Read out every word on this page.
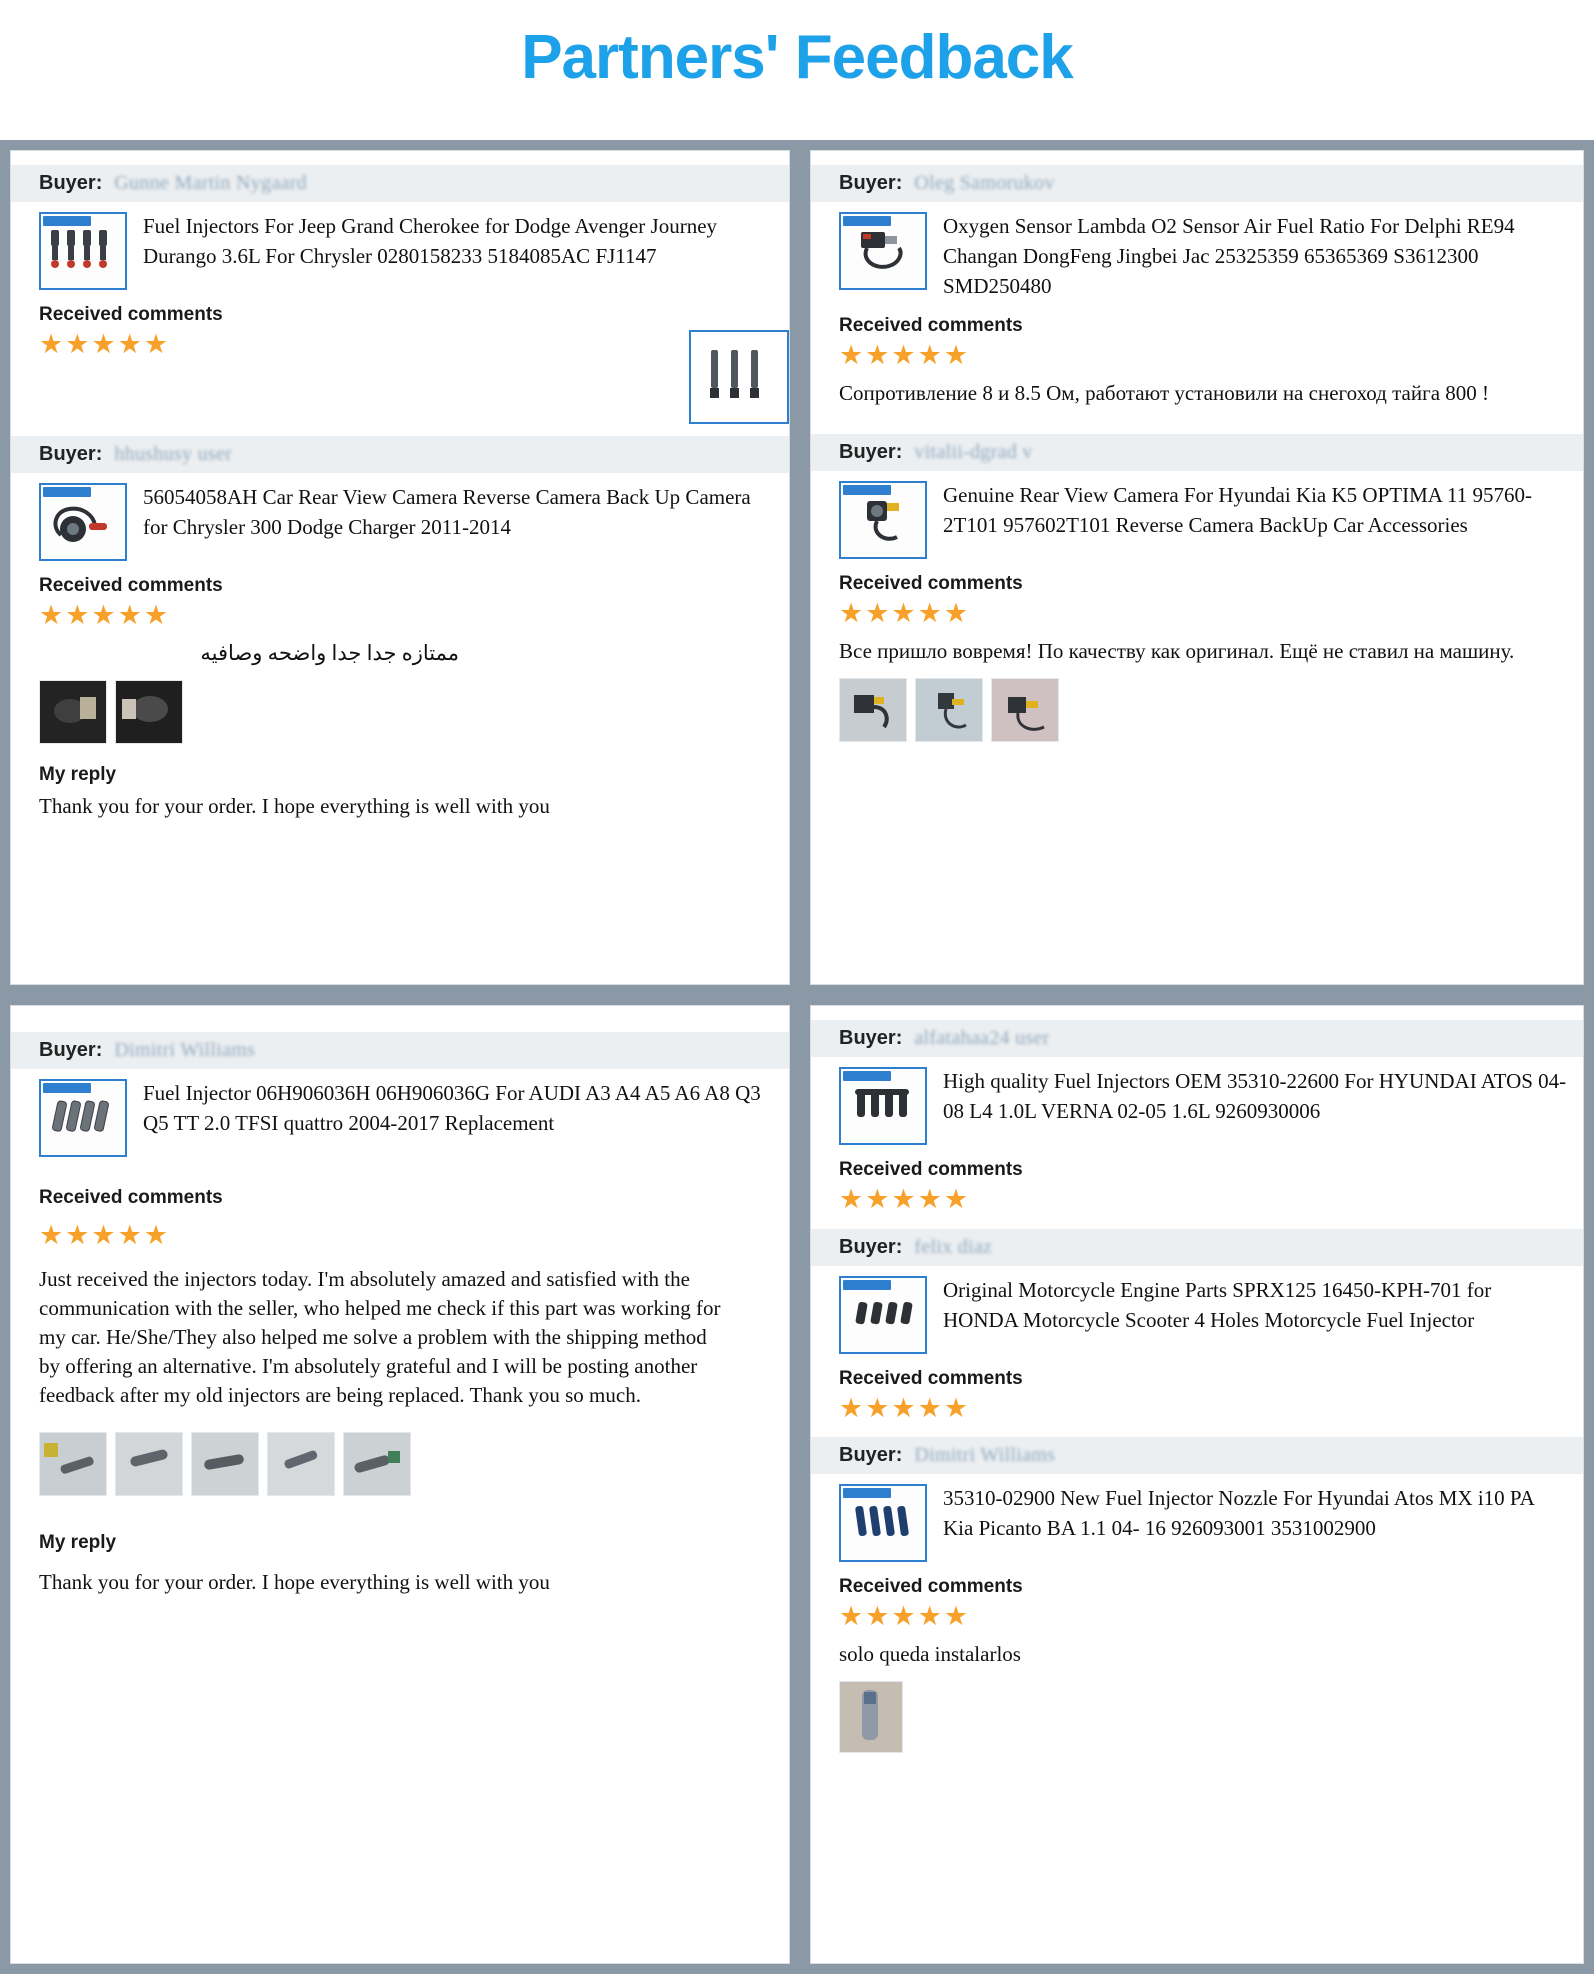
Partners' Feedback
Buyer: Gunne Martin Nygaard
Fuel Injectors For Jeep Grand Cherokee for Dodge Avenger Journey Durango 3.6L For Chrysler 0280158233 5184085AC FJ1147
Received comments
★★★★★
Buyer: hhushusy user
56054058AH Car Rear View Camera Reverse Camera Back Up Camera for Chrysler 300 Dodge Charger 2011-2014
Received comments
★★★★★
ممتازه جدا جدا واضحه وصافيه
My reply
Thank you for your order. I hope everything is well with you
Buyer: Oleg Samorukov
Oxygen Sensor Lambda O2 Sensor Air Fuel Ratio For Delphi RE94 Changan DongFeng Jingbei Jac 25325359 65365369 S3612300 SMD250480
Received comments
★★★★★
Сопротивление 8 и 8.5 Ом, работают установили на снегоход тайга 800 !
Buyer: vitalii-dgrad v
Genuine Rear View Camera For Hyundai Kia K5 OPTIMA 11 95760-2T101 957602T101 Reverse Camera BackUp Car Accessories
Received comments
★★★★★
Все пришло вовремя! По качеству как оригинал. Ещё не ставил на машину.
Buyer: Dimitri Williams
Fuel Injector 06H906036H 06H906036G For AUDI A3 A4 A5 A6 A8 Q3 Q5 TT 2.0 TFSI quattro 2004-2017 Replacement
Received comments
★★★★★
Just received the injectors today. I'm absolutely amazed and satisfied with the communication with the seller, who helped me check if this part was working for my car. He/She/They also helped me solve a problem with the shipping method by offering an alternative. I'm absolutely grateful and I will be posting another feedback after my old injectors are being replaced. Thank you so much.
My reply
Thank you for your order. I hope everything is well with you
Buyer: alfatahaa24 user
High quality Fuel Injectors OEM 35310-22600 For HYUNDAI ATOS 04-08 L4 1.0L VERNA 02-05 1.6L 9260930006
Received comments
★★★★★
Buyer: felix diaz
Original Motorcycle Engine Parts SPRX125 16450-KPH-701 for HONDA Motorcycle Scooter 4 Holes Motorcycle Fuel Injector
Received comments
★★★★★
Buyer: Dimitri Williams
35310-02900 New Fuel Injector Nozzle For Hyundai Atos MX i10 PA Kia Picanto BA 1.1 04- 16 926093001 3531002900
Received comments
★★★★★
solo queda instalarlos
